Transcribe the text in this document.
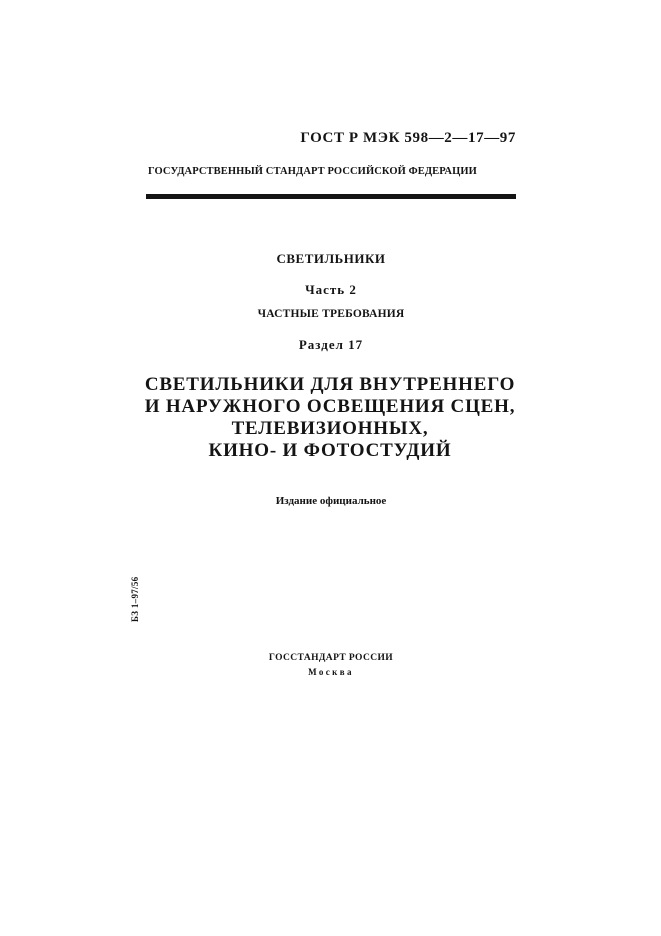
ГОСТ Р МЭК 598—2—17—97
ГОСУДАРСТВЕННЫЙ СТАНДАРТ РОССИЙСКОЙ ФЕДЕРАЦИИ
СВЕТИЛЬНИКИ
Часть 2
ЧАСТНЫЕ ТРЕБОВАНИЯ
Раздел 17
СВЕТИЛЬНИКИ ДЛЯ ВНУТРЕННЕГО
И НАРУЖНОГО ОСВЕЩЕНИЯ СЦЕН,
ТЕЛЕВИЗИОННЫХ,
КИНО- И ФОТОСТУДИЙ
Издание официальное
БЗ 1–97/56
ГОССТАНДАРТ РОССИИ
Москва
